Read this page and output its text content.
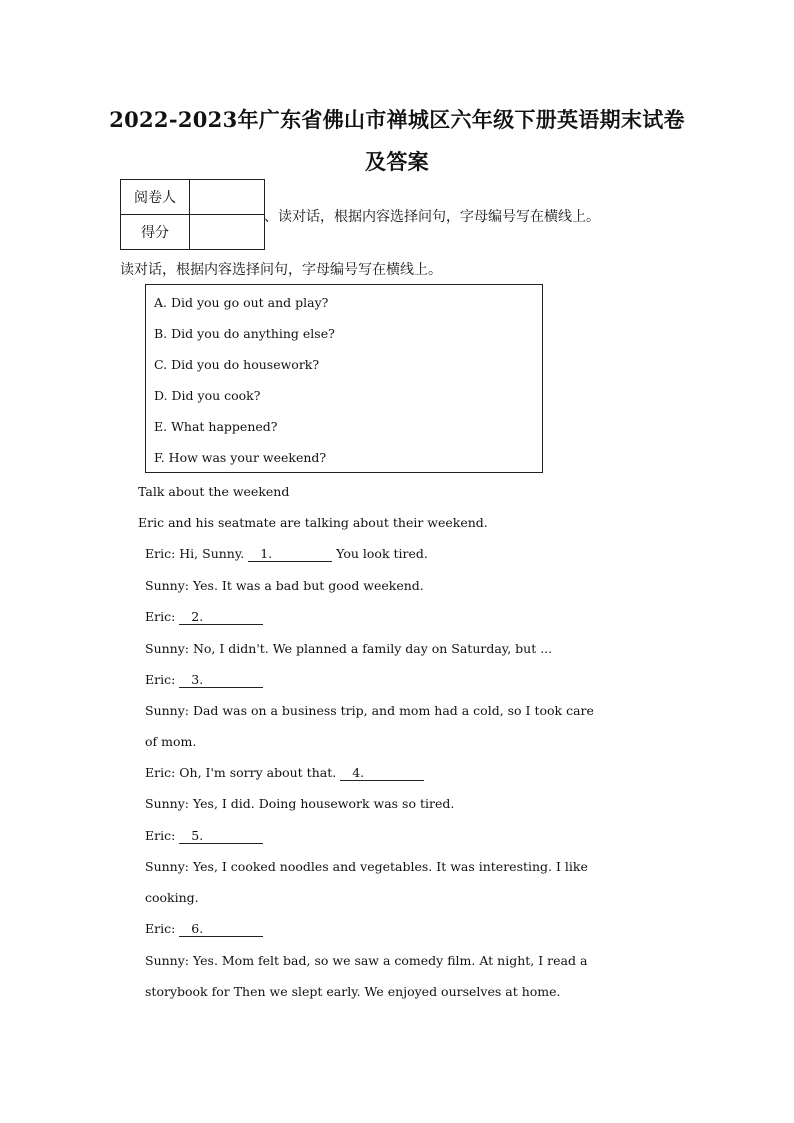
2022-2023年广东省佛山市禅城区六年级下册英语期末试卷
及答案
阅卷人	
得分	
、读对话，根据内容选择问句，字母编号写在横线上。
读对话，根据内容选择问句，字母编号写在横线上。
A. Did you go out and play?
B. Did you do anything else?
C. Did you do housework?
D. Did you cook?
E. What happened?
F. How was your weekend?
Talk about the weekend
Eric and his seatmate are talking about their weekend.
Eric: Hi, Sunny. 1.	You look tired.
Sunny: Yes. It was a bad but good weekend.
Eric: 2.
Sunny: No, I didn't. We planned a family day on Saturday, but ...
Eric: 3.
Sunny: Dad was on a business trip, and mom had a cold, so I took care
of mom.
Eric: Oh, I'm sorry about that. 4.
Sunny: Yes, I did. Doing housework was so tired.
Eric: 5.
Sunny: Yes, I cooked noodles and vegetables. It was interesting. I like
cooking.
Eric: 6.
Sunny: Yes. Mom felt bad, so we saw a comedy film. At night, I read a
storybook for Then we slept early. We enjoyed ourselves at home.
